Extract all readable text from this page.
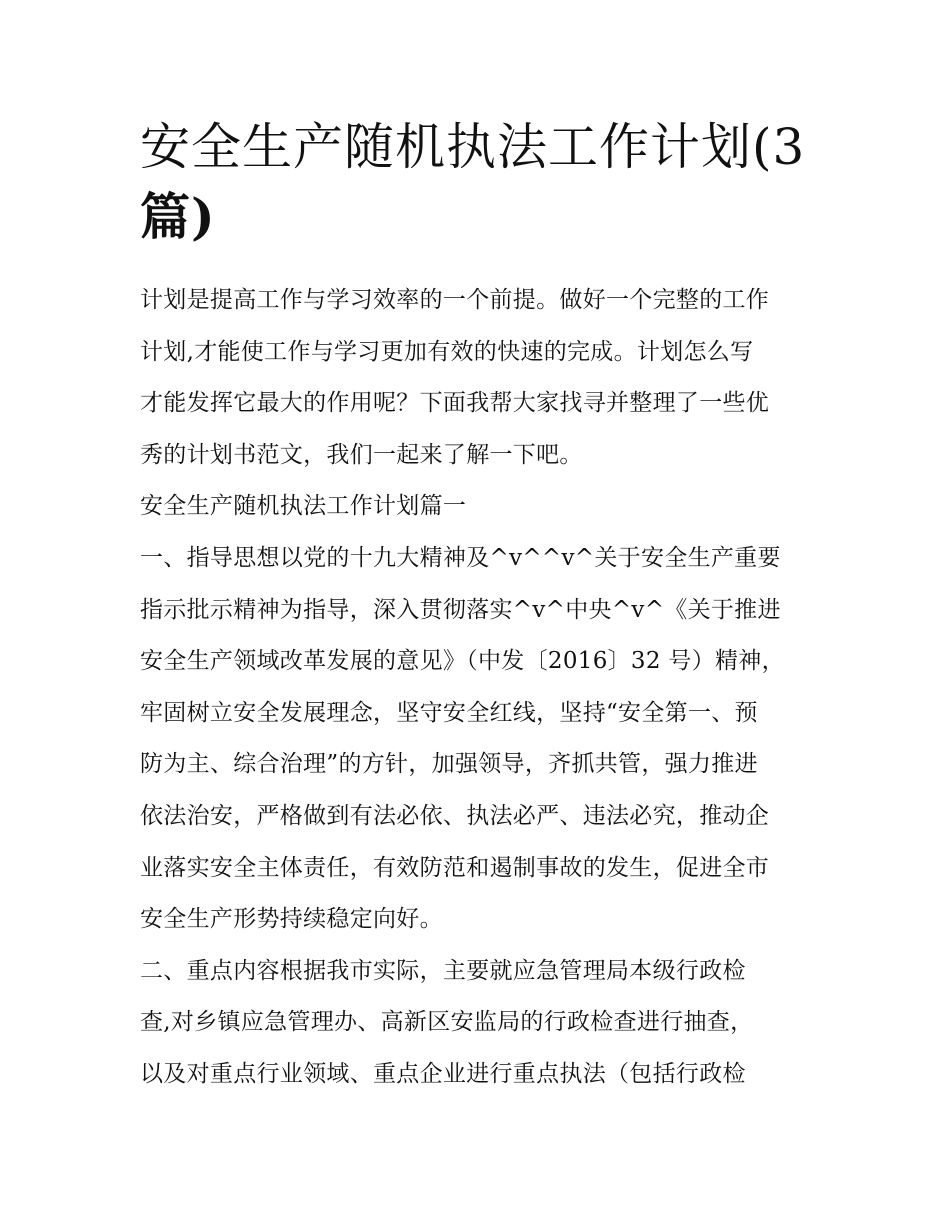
安全生产随机执法工作计划(3
篇)
计划是提高工作与学习效率的一个前提。做好一个完整的工作
计划,才能使工作与学习更加有效的快速的完成。计划怎么写
才能发挥它最大的作用呢？下面我帮大家找寻并整理了一些优
秀的计划书范文，我们一起来了解一下吧。
安全生产随机执法工作计划篇一
一、指导思想以党的十九大精神及^v^^v^关于安全生产重要
指示批示精神为指导，深入贯彻落实^v^中央^v^《关于推进
安全生产领域改革发展的意见》（中发〔2016〕32 号）精神，
牢固树立安全发展理念，坚守安全红线，坚持“安全第一、预
防为主、综合治理”的方针，加强领导，齐抓共管，强力推进
依法治安，严格做到有法必依、执法必严、违法必究，推动企
业落实安全主体责任，有效防范和遏制事故的发生，促进全市
安全生产形势持续稳定向好。
二、重点内容根据我市实际，主要就应急管理局本级行政检
查,对乡镇应急管理办、高新区安监局的行政检查进行抽查，
以及对重点行业领域、重点企业进行重点执法（包括行政检
